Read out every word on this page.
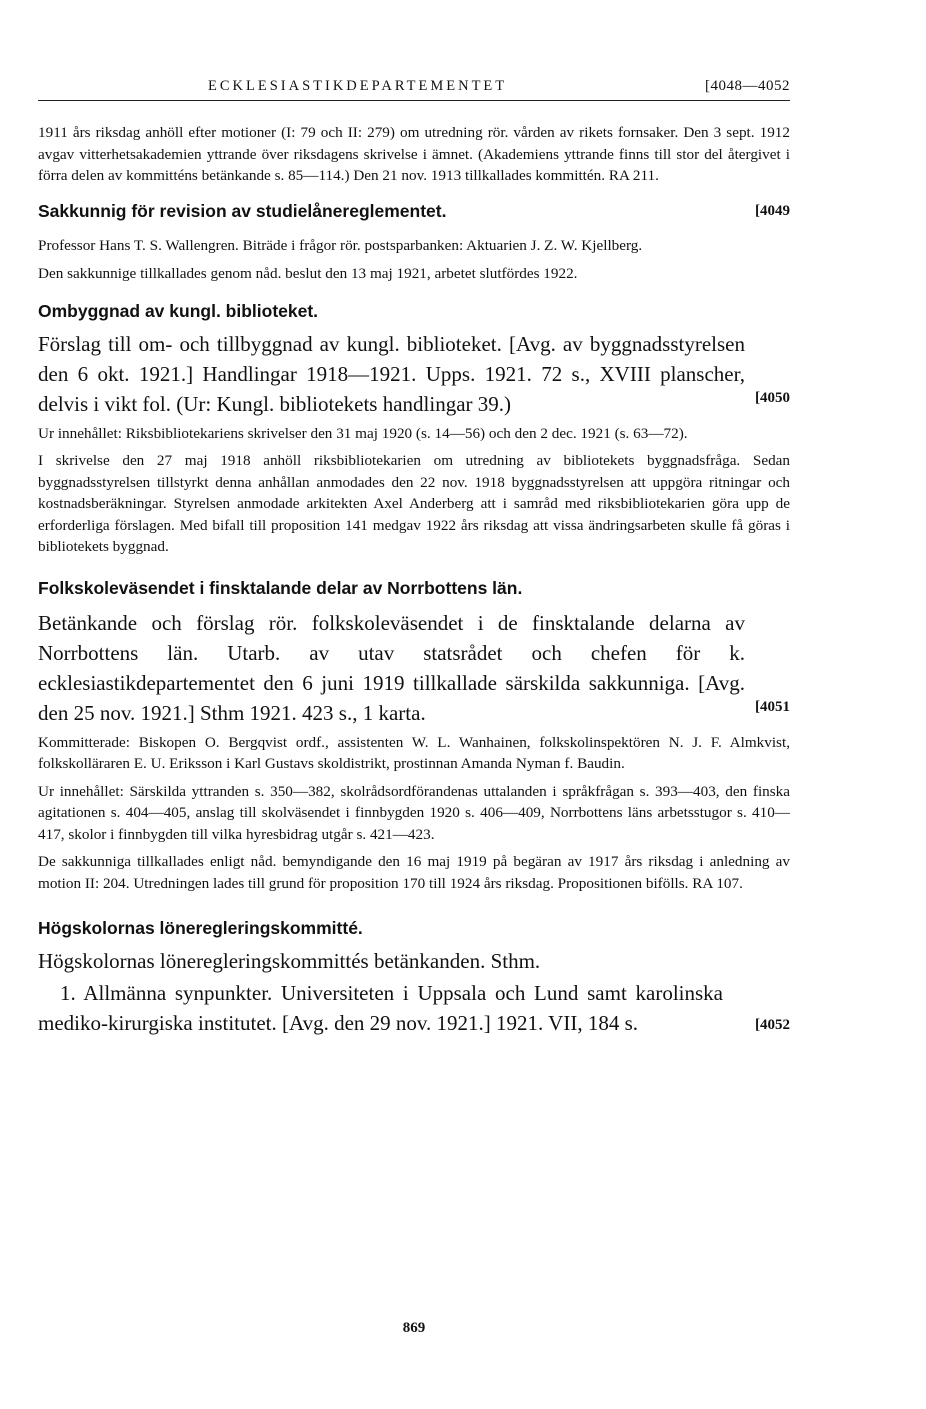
ECKLESIASTIKDEPARTEMENTET	[4048—4052

1911 års riksdag anhöll efter motioner (I: 79 och II: 279) om utredning rör. vården av rikets fornsaker. Den 3 sept. 1912 avgav vitterhetsakademien yttrande över riksdagens skrivelse i ämnet. (Akademiens yttrande finns till stor del återgivet i förra delen av kommitténs betänkande s. 85—114.) Den 21 nov. 1913 tillkallades kommittén. RA 211.

Sakkunnig för revision av studielånereglementet.	[4049

Professor Hans T. S. Wallengren. Biträde i frågor rör. postsparbanken: Aktuarien J. Z. W. Kjellberg.

Den sakkunnige tillkallades genom nåd. beslut den 13 maj 1921, arbetet slutfördes 1922.

Ombyggnad av kungl. biblioteket.

[4050
Förslag till om- och tillbyggnad av kungl. biblioteket. [Avg. av byggnadsstyrelsen den 6 okt. 1921.] Handlingar 1918—1921. Upps. 1921. 72 s., XVIII planscher, delvis i vikt fol. (Ur: Kungl. bibliotekets handlingar 39.)

Ur innehållet: Riksbibliotekariens skrivelser den 31 maj 1920 (s. 14—56) och den 2 dec. 1921 (s. 63—72).

I skrivelse den 27 maj 1918 anhöll riksbibliotekarien om utredning av bibliotekets byggnadsfråga. Sedan byggnadsstyrelsen tillstyrkt denna anhållan anmodades den 22 nov. 1918 byggnadsstyrelsen att uppgöra ritningar och kostnadsberäkningar. Styrelsen anmodade arkitekten Axel Anderberg att i samråd med riksbibliotekarien göra upp de erforderliga förslagen. Med bifall till proposition 141 medgav 1922 års riksdag att vissa ändringsarbeten skulle få göras i bibliotekets byggnad.

Folkskoleväsendet i finsktalande delar av Norrbottens län.

[4051
Betänkande och förslag rör. folkskoleväsendet i de finsktalande delarna av Norrbottens län. Utarb. av utav statsrådet och chefen för k. ecklesiastikdepartementet den 6 juni 1919 tillkallade särskilda sakkunniga. [Avg. den 25 nov. 1921.] Sthm 1921. 423 s., 1 karta.

Kommitterade: Biskopen O. Bergqvist ordf., assistenten W. L. Wanhainen, folkskolinspektören N. J. F. Almkvist, folkskolläraren E. U. Eriksson i Karl Gustavs skoldistrikt, prostinnan Amanda Nyman f. Baudin.

Ur innehållet: Särskilda yttranden s. 350—382, skolrådsordförandenas uttalanden i språkfrågan s. 393—403, den finska agitationen s. 404—405, anslag till skolväsendet i finnbygden 1920 s. 406—409, Norrbottens läns arbetsstugor s. 410—417, skolor i finnbygden till vilka hyresbidrag utgår s. 421—423.

De sakkunniga tillkallades enligt nåd. bemyndigande den 16 maj 1919 på begäran av 1917 års riksdag i anledning av motion II: 204. Utredningen lades till grund för proposition 170 till 1924 års riksdag. Propositionen bifölls. RA 107.

Högskolornas löneregleringskommitté.

Högskolornas löneregleringskommittés betänkanden. Sthm.

[4052
1. Allmänna synpunkter. Universiteten i Uppsala och Lund samt karolinska mediko-kirurgiska institutet. [Avg. den 29 nov. 1921.] 1921. VII, 184 s.

869
